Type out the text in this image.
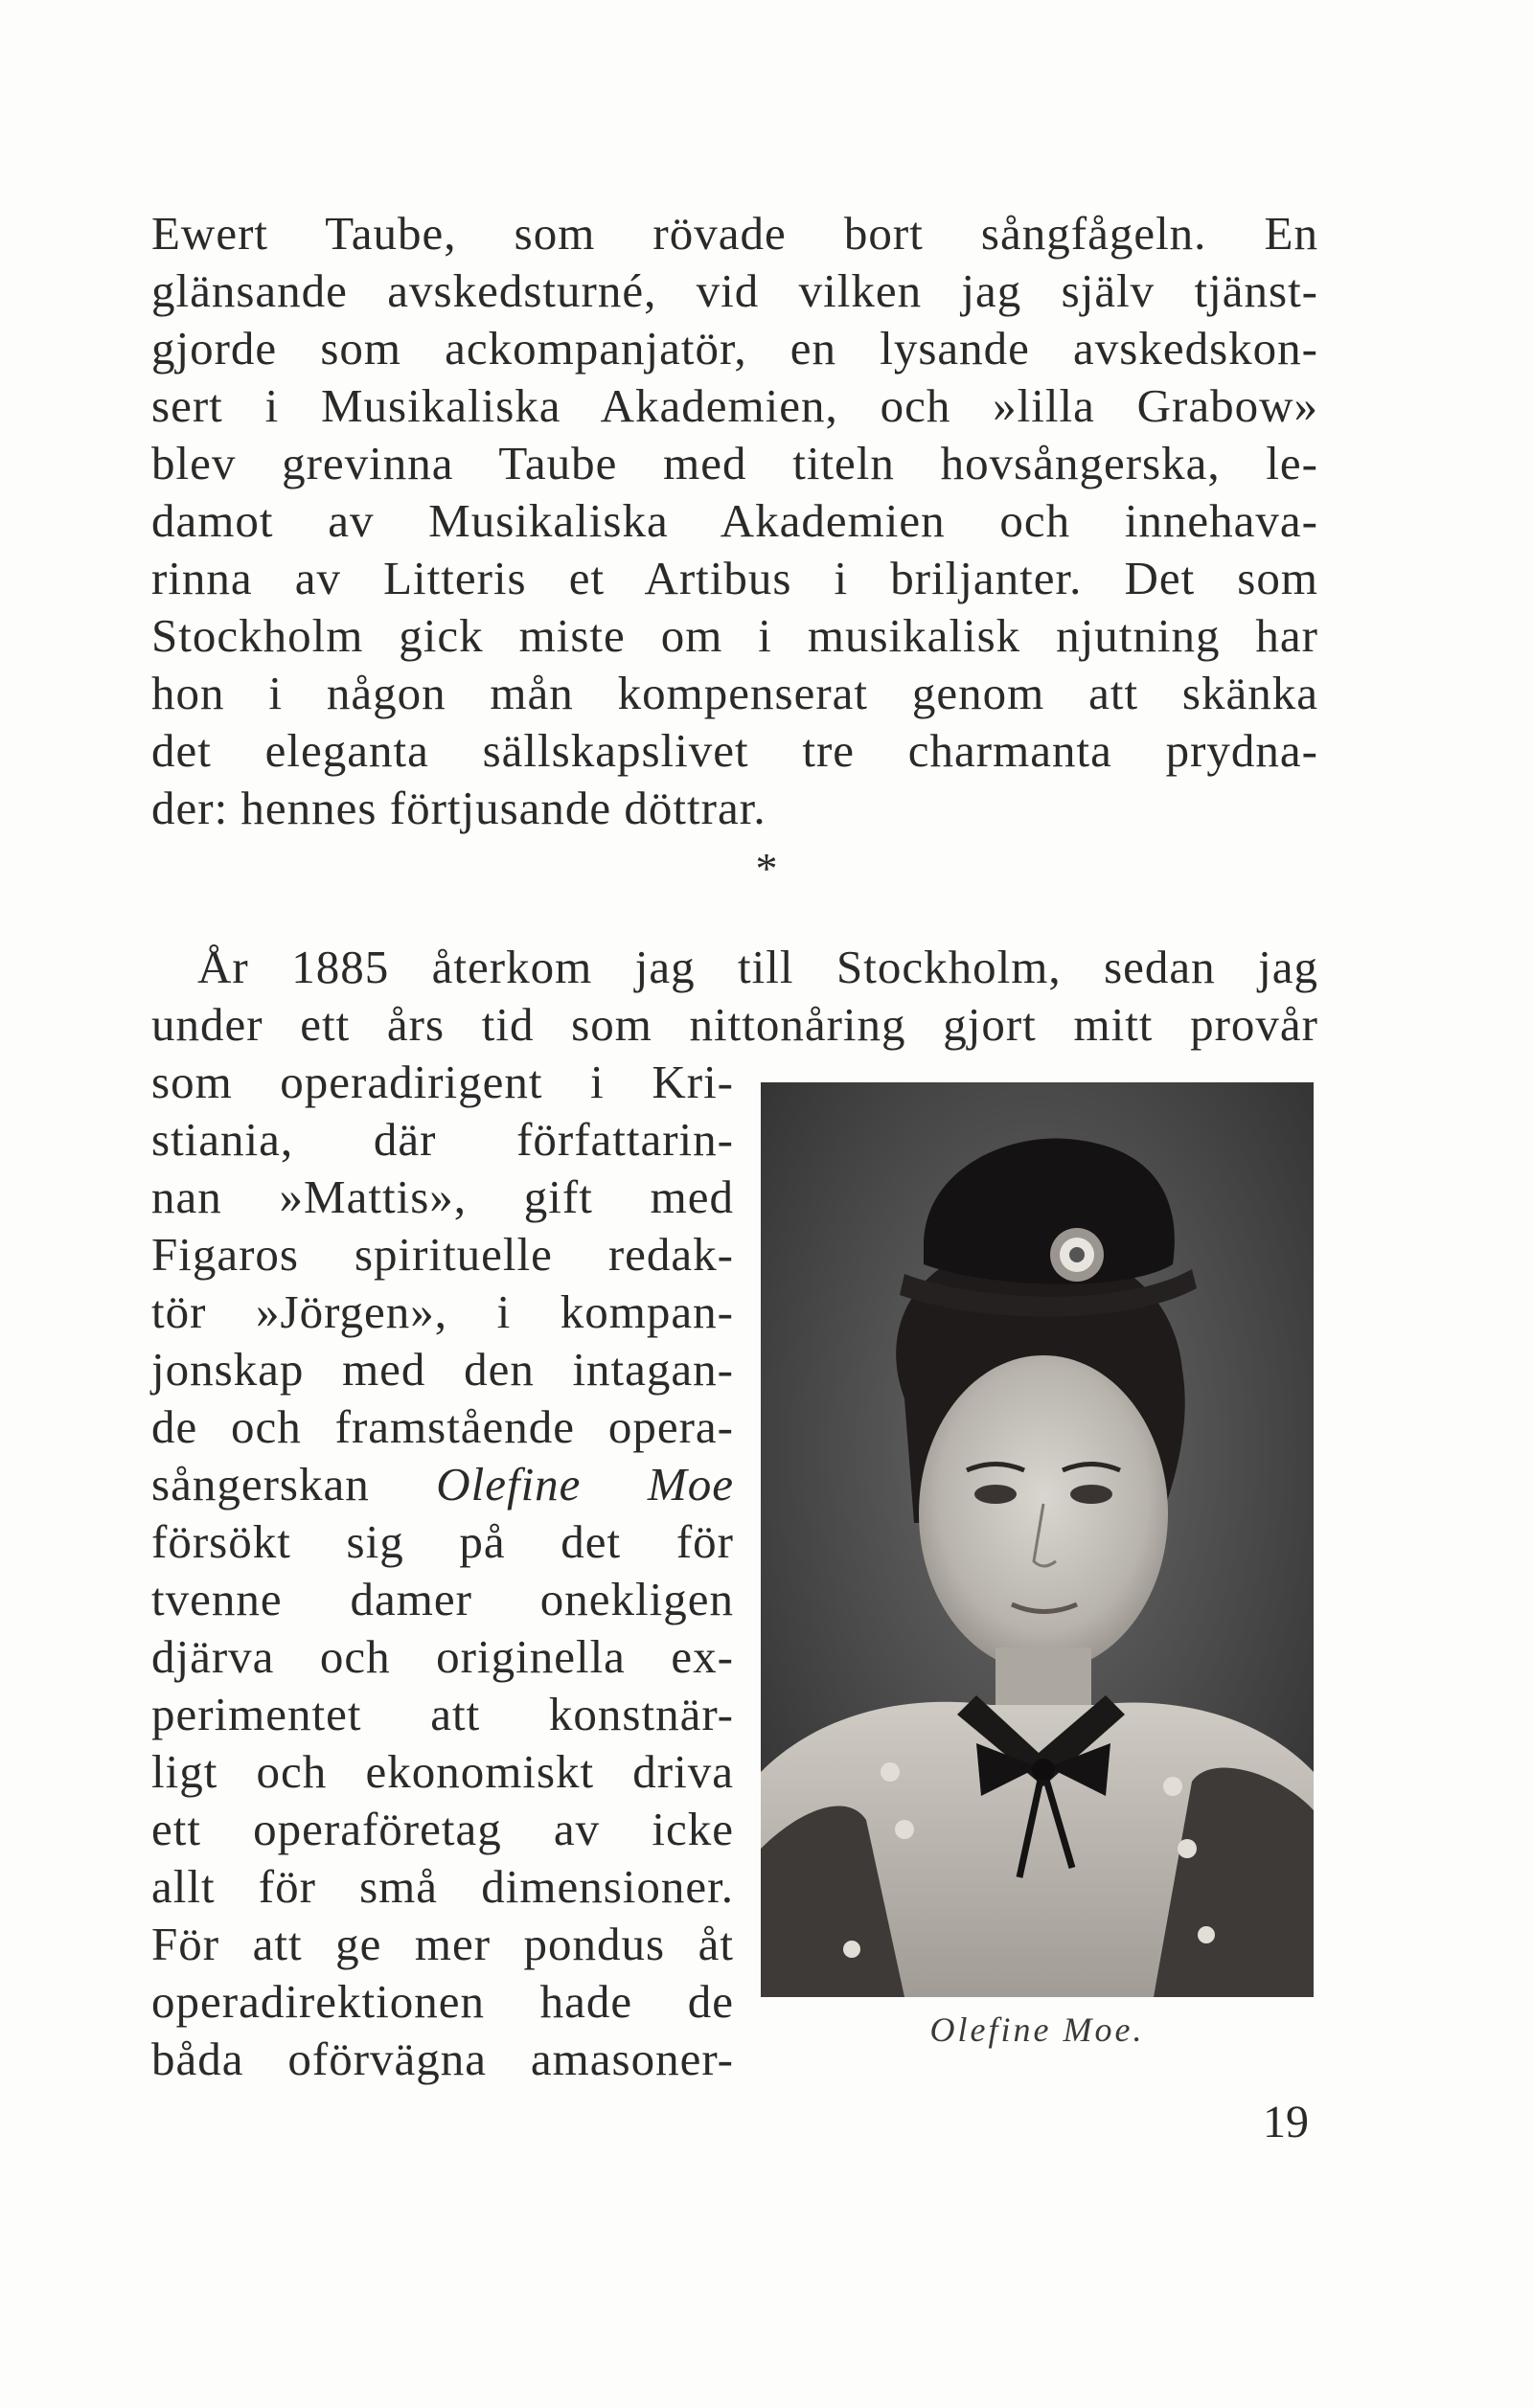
Ewert Taube, som rövade bort sångfågeln. En
glänsande avskedsturné, vid vilken jag själv tjänst-
gjorde som ackompanjatör, en lysande avskedskon-
sert i Musikaliska Akademien, och »lilla Grabow»
blev grevinna Taube med titeln hovsångerska, le-
damot av Musikaliska Akademien och innehava-
rinna av Litteris et Artibus i briljanter. Det som
Stockholm gick miste om i musikalisk njutning har
hon i någon mån kompenserat genom att skänka
det eleganta sällskapslivet tre charmanta prydna-
der: hennes förtjusande döttrar.
*
År 1885 återkom jag till Stockholm, sedan jag
under ett års tid som nittonåring gjort mitt provår
som operadirigent i Kri-
stiania, där författarin-
nan »Mattis», gift med
Figaros spirituelle redak-
tör »Jörgen», i kompan-
jonskap med den intagan-
de och framstående opera-
sångerskan Olefine Moe
försökt sig på det för
tvenne damer onekligen
djärva och originella ex-
perimentet att konstnär-
ligt och ekonomiskt driva
ett operaföretag av icke
allt för små dimensioner.
För att ge mer pondus åt
operadirektionen hade de
båda oförvägna amasoner-
Olefine Moe.
19
